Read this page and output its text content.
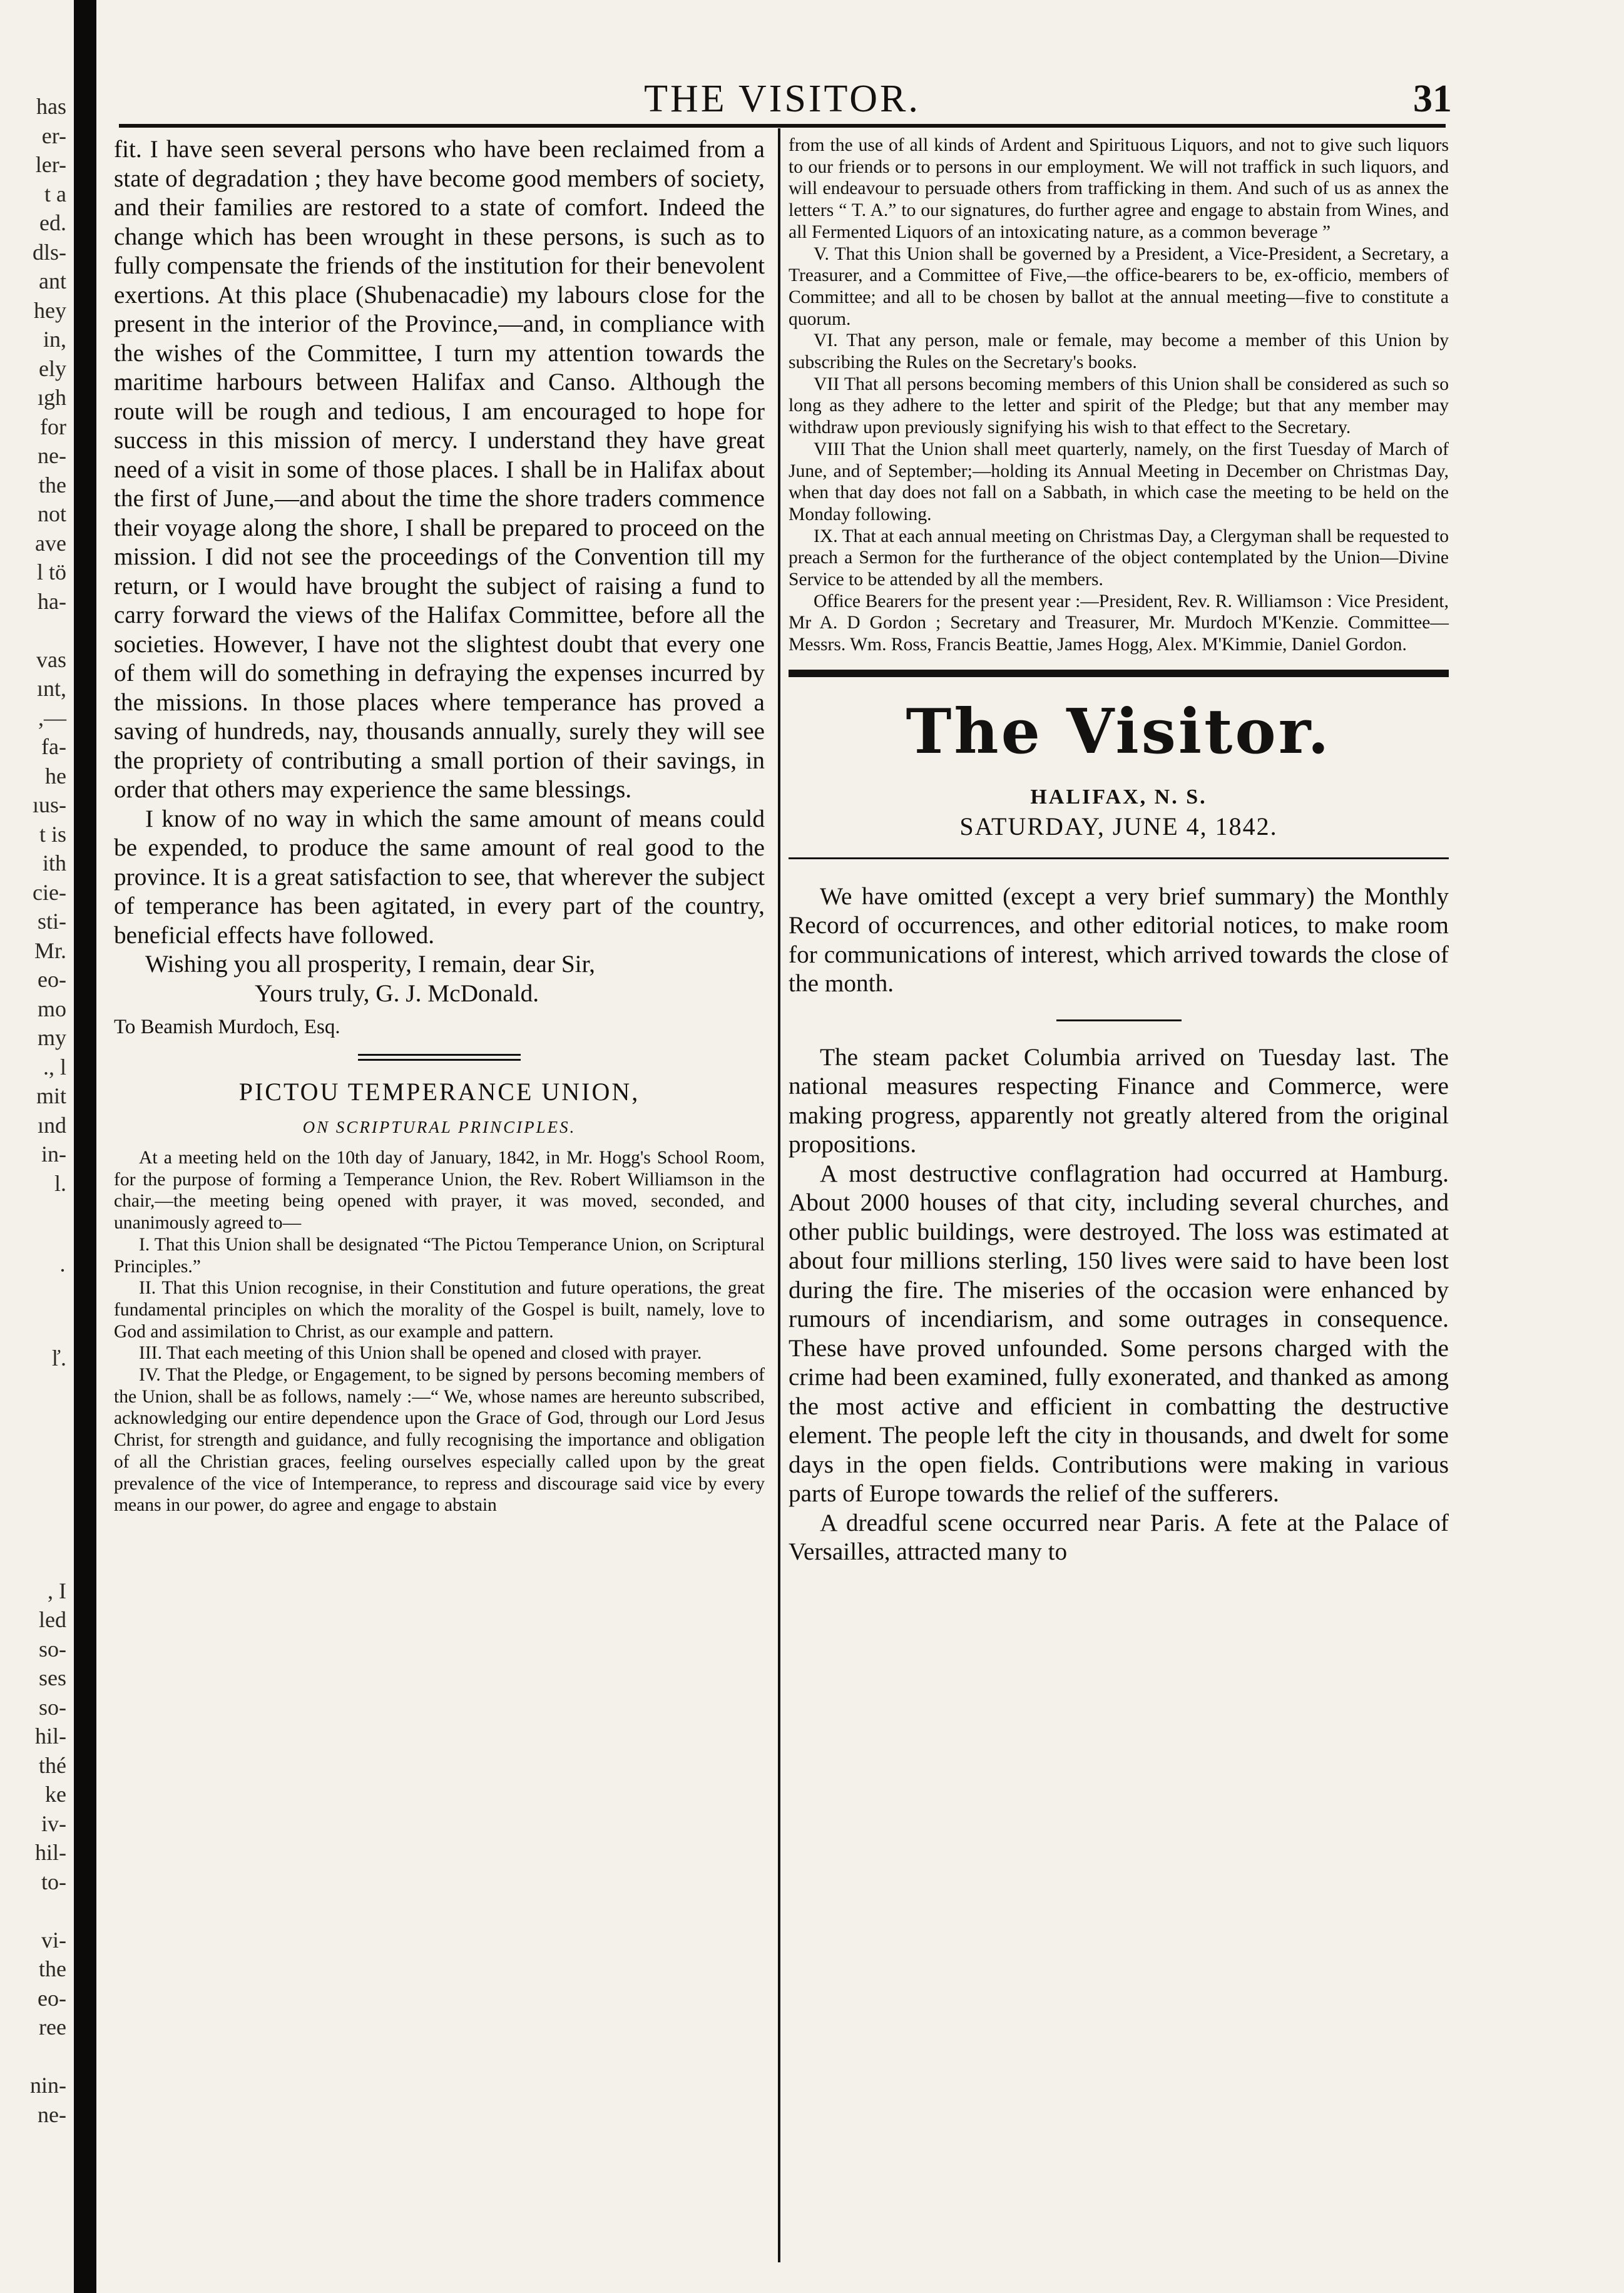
has
er-
ler-
t a
ed.
dls-
ant
hey
in,
ely
ıgh
for
ne-
the
not
ave
l tö
ha-
vas
ınt,
,—
fa-
he
ıus-
t is
ith
cie-
sti-
Mr.
eo-
mo
my
., l
mit
ınd
in-
l.
·
ľ.
, I
led
so-
ses
so-
hil-
thé
ke
iv-
hil-
to-
vi-
the
eo-
ree
nin-
ne-
THE VISITOR.	31

fit. I have seen several persons who have been reclaimed from a state of degradation ; they have become good members of society, and their families are restored to a state of comfort. Indeed the change which has been wrought in these persons, is such as to fully compensate the friends of the institution for their benevolent exertions. At this place (Shubenacadie) my labours close for the present in the interior of the Province,—and, in compliance with the wishes of the Committee, I turn my attention towards the maritime harbours between Halifax and Canso. Although the route will be rough and tedious, I am encouraged to hope for success in this mission of mercy. I understand they have great need of a visit in some of those places. I shall be in Halifax about the first of June,—and about the time the shore traders commence their voyage along the shore, I shall be prepared to proceed on the mission. I did not see the proceedings of the Convention till my return, or I would have brought the subject of raising a fund to carry forward the views of the Halifax Committee, before all the societies. However, I have not the slightest doubt that every one of them will do something in defraying the expenses incurred by the missions. In those places where temperance has proved a saving of hundreds, nay, thousands annually, surely they will see the propriety of contributing a small portion of their savings, in order that others may experience the same blessings.

I know of no way in which the same amount of means could be expended, to produce the same amount of real good to the province. It is a great satisfaction to see, that wherever the subject of temperance has been agitated, in every part of the country, beneficial effects have followed.

Wishing you all prosperity, I remain, dear Sir,
Yours truly, G. J. McDonald.
To Beamish Murdoch, Esq.
PICTOU TEMPERANCE UNION,
ON SCRIPTURAL PRINCIPLES.

At a meeting held on the 10th day of January, 1842, in Mr. Hogg's School Room, for the purpose of forming a Temperance Union, the Rev. Robert Williamson in the chair,—the meeting being opened with prayer, it was moved, seconded, and unanimously agreed to—

I. That this Union shall be designated “The Pictou Temperance Union, on Scriptural Principles.”

II. That this Union recognise, in their Constitution and future operations, the great fundamental principles on which the morality of the Gospel is built, namely, love to God and assimilation to Christ, as our example and pattern.

III. That each meeting of this Union shall be opened and closed with prayer.

IV. That the Pledge, or Engagement, to be signed by persons becoming members of the Union, shall be as follows, namely :—“ We, whose names are hereunto subscribed, acknowledging our entire dependence upon the Grace of God, through our Lord Jesus Christ, for strength and guidance, and fully recognising the importance and obligation of all the Christian graces, feeling ourselves especially called upon by the great prevalence of the vice of Intemperance, to repress and discourage said vice by every means in our power, do agree and engage to abstain

from the use of all kinds of Ardent and Spirituous Liquors, and not to give such liquors to our friends or to persons in our employment. We will not traffick in such liquors, and will endeavour to persuade others from trafficking in them. And such of us as annex the letters “ T. A.” to our signatures, do further agree and engage to abstain from Wines, and all Fermented Liquors of an intoxicating nature, as a common beverage ”

V. That this Union shall be governed by a President, a Vice-President, a Secretary, a Treasurer, and a Committee of Five,—the office-bearers to be, ex-officio, members of Committee; and all to be chosen by ballot at the annual meeting—five to constitute a quorum.

VI. That any person, male or female, may become a member of this Union by subscribing the Rules on the Secretary's books.

VII That all persons becoming members of this Union shall be considered as such so long as they adhere to the letter and spirit of the Pledge; but that any member may withdraw upon previously signifying his wish to that effect to the Secretary.

VIII That the Union shall meet quarterly, namely, on the first Tuesday of March of June, and of September;—holding its Annual Meeting in December on Christmas Day, when that day does not fall on a Sabbath, in which case the meeting to be held on the Monday following.

IX. That at each annual meeting on Christmas Day, a Clergyman shall be requested to preach a Sermon for the furtherance of the object contemplated by the Union—Divine Service to be attended by all the members.

Office Bearers for the present year :—President, Rev. R. Williamson : Vice President, Mr A. D Gordon ; Secretary and Treasurer, Mr. Murdoch M'Kenzie. Committee—Messrs. Wm. Ross, Francis Beattie, James Hogg, Alex. M'Kimmie, Daniel Gordon.

The Visitor.
HALIFAX, N. S.
SATURDAY, JUNE 4, 1842.

We have omitted (except a very brief summary) the Monthly Record of occurrences, and other editorial notices, to make room for communications of interest, which arrived towards the close of the month.

The steam packet Columbia arrived on Tuesday last. The national measures respecting Finance and Commerce, were making progress, apparently not greatly altered from the original propositions.

A most destructive conflagration had occurred at Hamburg. About 2000 houses of that city, including several churches, and other public buildings, were destroyed. The loss was estimated at about four millions sterling, 150 lives were said to have been lost during the fire. The miseries of the occasion were enhanced by rumours of incendiarism, and some outrages in consequence. These have proved unfounded. Some persons charged with the crime had been examined, fully exonerated, and thanked as among the most active and efficient in combatting the destructive element. The people left the city in thousands, and dwelt for some days in the open fields. Contributions were making in various parts of Europe towards the relief of the sufferers.

A dreadful scene occurred near Paris. A fete at the Palace of Versailles, attracted many to
